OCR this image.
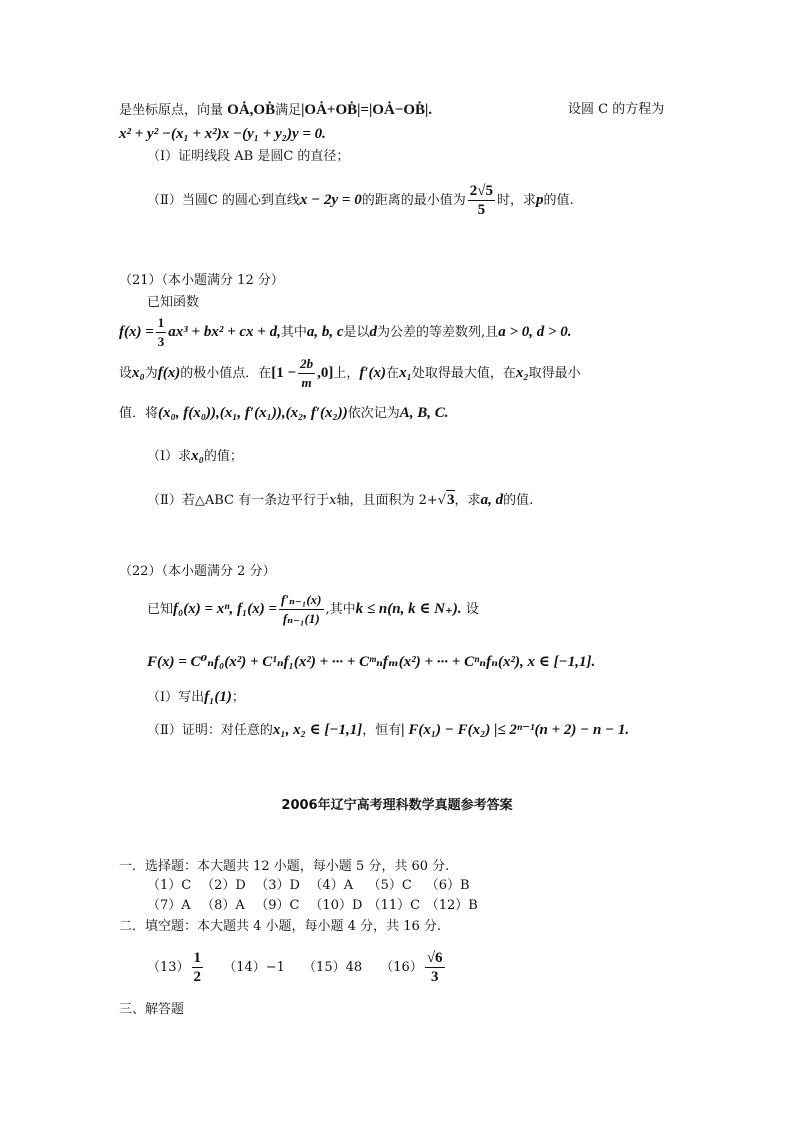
是坐标原点，向量 OȦ,OḂ满足|OȦ+OḂ|=|OȦ−OḂ|.	设圆 C 的方程为
x² + y² −(x₁ + x²)x −(y₁ + y₂)y = 0.
（Ⅰ）证明线段 AB 是圆C 的直径；
（Ⅱ）当圆C 的圆心到直线x − 2y = 0的距离的最小值为 $\frac{2√5}{5}$ 时，求p的值.
（21）（本小题满分 12 分）
已知函数
$f(x) = \frac{1}{3} ax^3 + bx^2$ + cx + d,其中a, b, c是以d为公差的等差数列,且a > 0, d > 0.
设x₀为f(x)的极小值点．在$[1 - \frac{2b}{m} ,0]$上，f′(x)在x₁处取得最大值，在x₂取得最小
值．将(x₀, f(x₀)),(x₁, f′(x₁)),(x₂, f′(x₂))依次记为A, B, C.
（Ⅰ）求x₀的值；
（Ⅱ）若△ABC 有一条边平行于x轴，且面积为 2+√3，求a, d的值.
（22）（本小题满分 2 分）
已知f₀(x) = xⁿ, $f_1(x) = \frac{\text{f′ₙ₋₁(x)}}{\text{fₙ₋₁(1)}}$ ,其中k ≤ n(n, k ∈ N₊). 设
F(x) = C⁰ₙf₀(x²) + C¹ₙf₁(x²) + ··· + Cᵐₙfₘ(x²) + ··· + Cⁿₙfₙ(x²), x ∈ [−1,1].
（Ⅰ）写出f₁(1)；
（Ⅱ）证明：对任意的x₁, x₂ ∈ [−1,1]，恒有| F(x₁) − F(x₂) |≤ 2ⁿ⁻¹(n + 2) − n − 1.
2006年辽宁高考理科数学真题参考答案
一．选择题：本大题共 12 小题，每小题 5 分，共 60 分.
（1）C （2）D （3）D （4）A （5）C （6）B
（7）A （8）A （9）C （10）D （11）C （12）B
二．填空题：本大题共 4 小题，每小题 4 分，共 16 分.
$(13) \frac{1}{2} (14)-1$ （15）48 $(16) \frac{√6}{3}$
三、解答题
